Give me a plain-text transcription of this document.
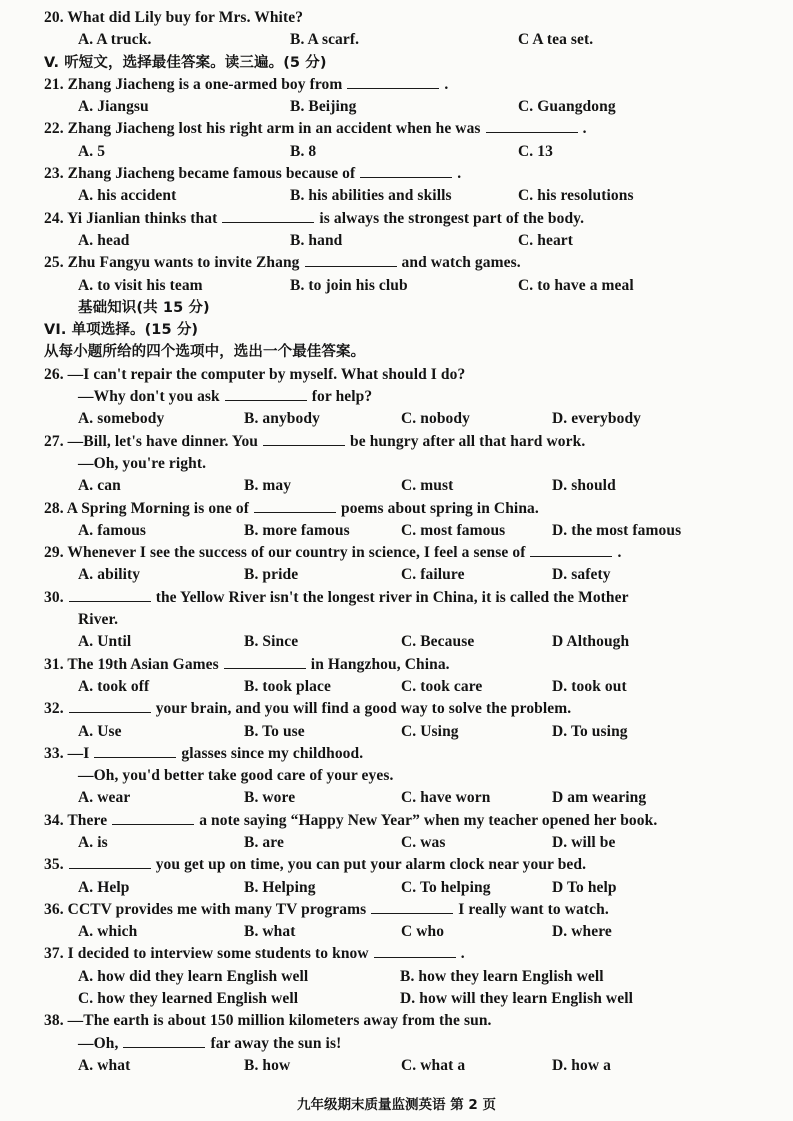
20. What did Lily buy for Mrs. White?
A. A truck.	B. A scarf.	C A tea set.
V. 听短文，选择最佳答案。读三遍。(5 分)
21. Zhang Jiacheng is a one-armed boy from	.
A. Jiangsu	B. Beijing	C. Guangdong
22. Zhang Jiacheng lost his right arm in an accident when he was	.
A. 5	B. 8	C. 13
23. Zhang Jiacheng became famous because of	.
A. his accident	B. his abilities and skills	C. his resolutions
24. Yi Jianlian thinks that	is always the strongest part of the body.
A. head	B. hand	C. heart
25. Zhu Fangyu wants to invite Zhang	and watch games.
A. to visit his team	B. to join his club	C. to have a meal
基础知识(共 15 分)
VI. 单项选择。(15 分)
从每小题所给的四个选项中，选出一个最佳答案。
26. —I can't repair the computer by myself. What should I do?
—Why don't you ask	for help?
A. somebody	B. anybody	C. nobody	D. everybody
27. —Bill, let's have dinner. You	be hungry after all that hard work.
—Oh, you're right.
A. can	B. may	C. must	D. should
28. A Spring Morning is one of	poems about spring in China.
A. famous	B. more famous	C. most famous	D. the most famous
29. Whenever I see the success of our country in science, I feel a sense of	.
A. ability	B. pride	C. failure	D. safety
30.	the Yellow River isn't the longest river in China, it is called the Mother
River.
A. Until	B. Since	C. Because	D Although
31. The 19th Asian Games	in Hangzhou, China.
A. took off	B. took place	C. took care	D. took out
32.	your brain, and you will find a good way to solve the problem.
A. Use	B. To use	C. Using	D. To using
33. —I	glasses since my childhood.
—Oh, you'd better take good care of your eyes.
A. wear	B. wore	C. have worn	D am wearing
34. There	a note saying “Happy New Year” when my teacher opened her book.
A. is	B. are	C. was	D. will be
35.	you get up on time, you can put your alarm clock near your bed.
A. Help	B. Helping	C. To helping	D To help
36. CCTV provides me with many TV programs	I really want to watch.
A. which	B. what	C who	D. where
37. I decided to interview some students to know	.
A. how did they learn English well	B. how they learn English well
C. how they learned English well	D. how will they learn English well
38. —The earth is about 150 million kilometers away from the sun.
—Oh,	far away the sun is!
A. what	B. how	C. what a	D. how a
九年级期末质量监测英语 第 2 页
